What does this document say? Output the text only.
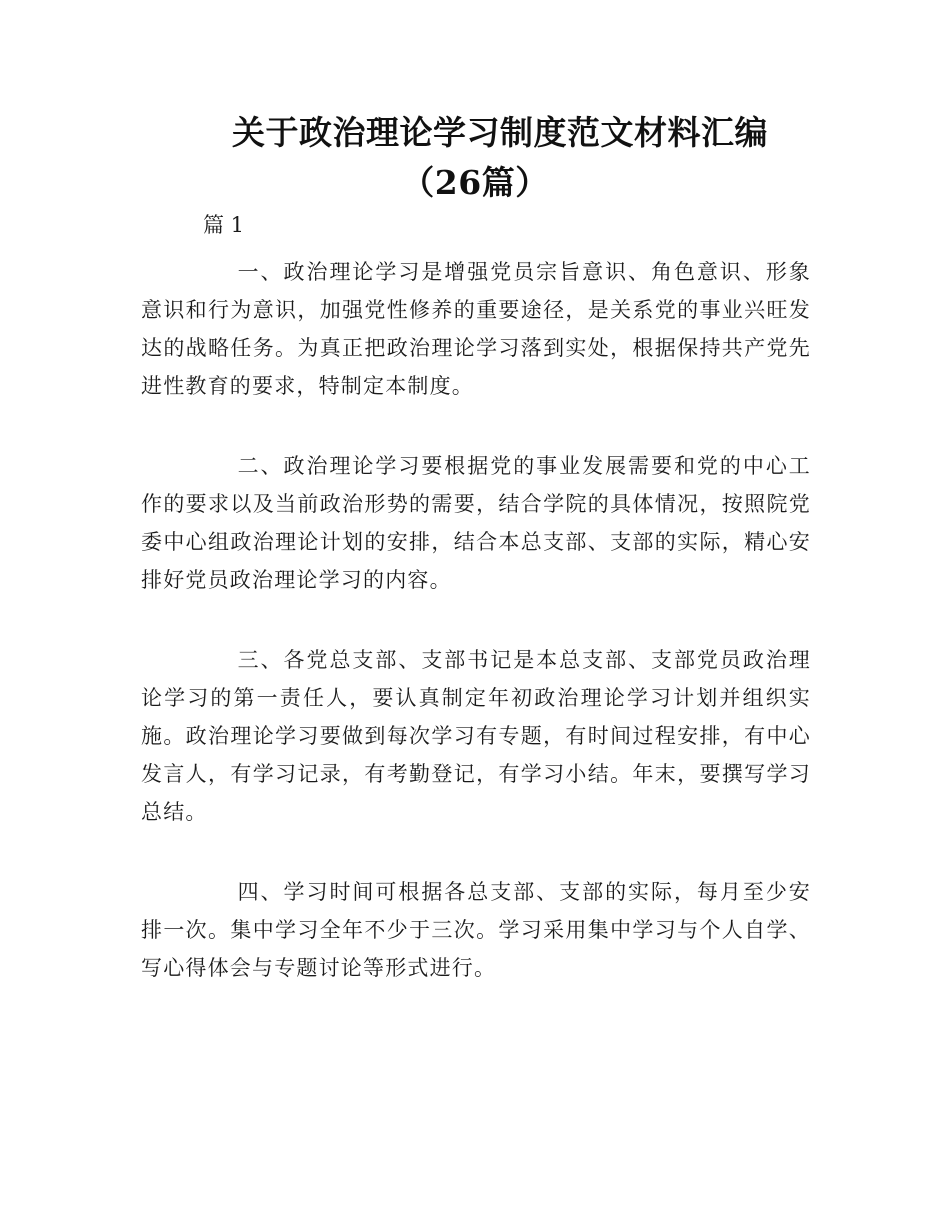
关于政治理论学习制度范文材料汇编
（26篇）
篇 1

一、政治理论学习是增强党员宗旨意识、角色意识、形象意识和行为意识，加强党性修养的重要途径，是关系党的事业兴旺发达的战略任务。为真正把政治理论学习落到实处，根据保持共产党先进性教育的要求，特制定本制度。

二、政治理论学习要根据党的事业发展需要和党的中心工作的要求以及当前政治形势的需要，结合学院的具体情况，按照院党委中心组政治理论计划的安排，结合本总支部、支部的实际，精心安排好党员政治理论学习的内容。

三、各党总支部、支部书记是本总支部、支部党员政治理论学习的第一责任人，要认真制定年初政治理论学习计划并组织实施。政治理论学习要做到每次学习有专题，有时间过程安排，有中心发言人，有学习记录，有考勤登记，有学习小结。年末，要撰写学习总结。

四、学习时间可根据各总支部、支部的实际，每月至少安排一次。集中学习全年不少于三次。学习采用集中学习与个人自学、写心得体会与专题讨论等形式进行。
